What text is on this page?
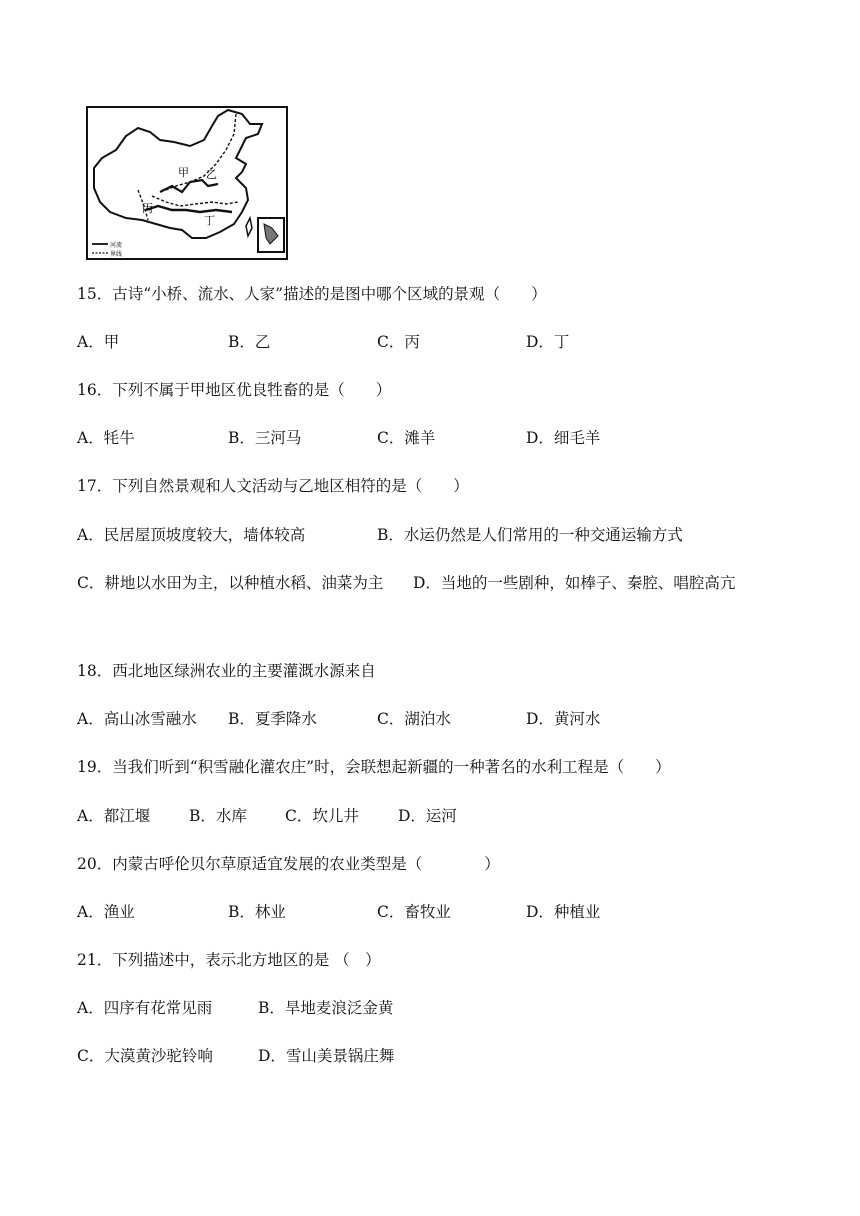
甲 乙
丙
丁
河流
界线
15．古诗“小桥、流水、人家”描述的是图中哪个区域的景观（　　）
A．甲	B．乙	C．丙	D．丁
16．下列不属于甲地区优良牲畜的是（　　）
A．牦牛	B．三河马	C．滩羊	D．细毛羊
17．下列自然景观和人文活动与乙地区相符的是（　　）
A．民居屋顶坡度较大，墙体较高	B．水运仍然是人们常用的一种交通运输方式
C．耕地以水田为主，以种植水稻、油菜为主 D．当地的一些剧种，如棒子、秦腔、唱腔高亢
18．西北地区绿洲农业的主要灌溉水源来自
A．高山冰雪融水 B．夏季降水	C．湖泊水	D．黄河水
19．当我们听到“积雪融化灌农庄”时，会联想起新疆的一种著名的水利工程是（　　）
A．都江堰	B．水库 C．坎儿井	D．运河
20．内蒙古呼伦贝尔草原适宜发展的农业类型是（　　　　）
A．渔业	B．林业	C．畜牧业	D．种植业
21．下列描述中，表示北方地区的是 （　）
A．四序有花常见雨	B．旱地麦浪泛金黄
C．大漠黄沙驼铃响	D．雪山美景锅庄舞
